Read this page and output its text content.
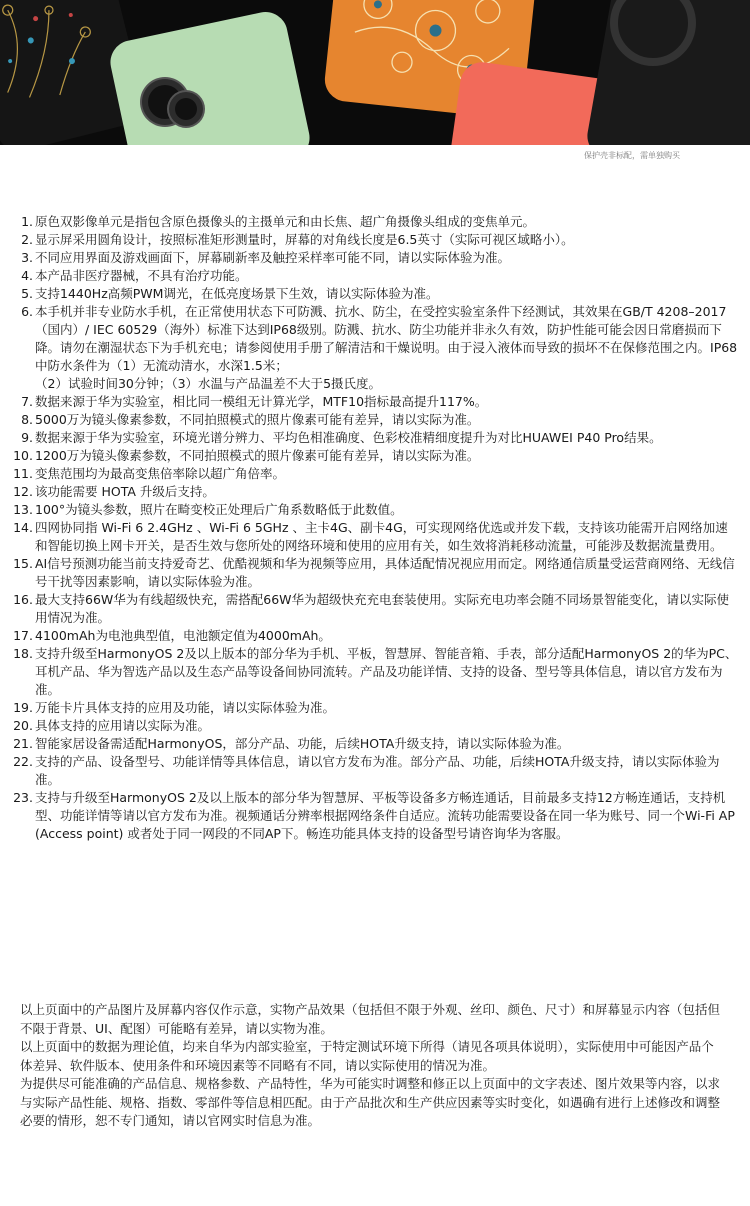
保护壳非标配，需单独购买
1. 原色双影像单元是指包含原色摄像头的主摄单元和由长焦、超广角摄像头组成的变焦单元。
2. 显示屏采用圆角设计，按照标准矩形测量时，屏幕的对角线长度是6.5英寸（实际可视区域略小）。
3. 不同应用界面及游戏画面下，屏幕刷新率及触控采样率可能不同，请以实际体验为准。
4. 本产品非医疗器械，不具有治疗功能。
5. 支持1440Hz高频PWM调光，在低亮度场景下生效，请以实际体验为准。
6. 本手机并非专业防水手机，在正常使用状态下可防溅、抗水、防尘，在受控实验室条件下经测试，其效果在GB/T 4208–2017（国内）/ IEC 60529（海外）标准下达到IP68级别。防溅、抗水、防尘功能并非永久有效，防护性能可能会因日常磨损而下降。请勿在潮湿状态下为手机充电；请参阅使用手册了解清洁和干燥说明。由于浸入液体而导致的损坏不在保修范围之内。IP68中防水条件为（1）无流动清水，水深1.5米；
（2）试验时间30分钟；（3）水温与产品温差不大于5摄氏度。
7. 数据来源于华为实验室，相比同一模组无计算光学，MTF10指标最高提升117%。
8. 5000万为镜头像素参数，不同拍照模式的照片像素可能有差异，请以实际为准。
9. 数据来源于华为实验室，环境光谱分辨力、平均色相准确度、色彩校准精细度提升为对比HUAWEI P40 Pro结果。
10. 1200万为镜头像素参数，不同拍照模式的照片像素可能有差异，请以实际为准。
11. 变焦范围均为最高变焦倍率除以超广角倍率。
12. 该功能需要 HOTA 升级后支持。
13. 100°为镜头参数，照片在畸变校正处理后广角系数略低于此数值。
14. 四网协同指 Wi-Fi 6 2.4GHz 、Wi-Fi 6 5GHz 、主卡4G、副卡4G，可实现网络优选或并发下载，支持该功能需开启网络加速和智能切换上网卡开关，是否生效与您所处的网络环境和使用的应用有关，如生效将消耗移动流量，可能涉及数据流量费用。
15. AI信号预测功能当前支持爱奇艺、优酷视频和华为视频等应用，具体适配情况视应用而定。网络通信质量受运营商网络、无线信号干扰等因素影响，请以实际体验为准。
16. 最大支持66W华为有线超级快充，需搭配66W华为超级快充充电套装使用。实际充电功率会随不同场景智能变化，请以实际使用情况为准。
17. 4100mAh为电池典型值，电池额定值为4000mAh。
18. 支持升级至HarmonyOS 2及以上版本的部分华为手机、平板，智慧屏、智能音箱、手表，部分适配HarmonyOS 2的华为PC、耳机产品、华为智选产品以及生态产品等设备间协同流转。产品及功能详情、支持的设备、型号等具体信息，请以官方发布为准。
19. 万能卡片具体支持的应用及功能，请以实际体验为准。
20. 具体支持的应用请以实际为准。
21. 智能家居设备需适配HarmonyOS，部分产品、功能，后续HOTA升级支持，请以实际体验为准。
22. 支持的产品、设备型号、功能详情等具体信息，请以官方发布为准。部分产品、功能，后续HOTA升级支持，请以实际体验为准。
23. 支持与升级至HarmonyOS 2及以上版本的部分华为智慧屏、平板等设备多方畅连通话，目前最多支持12方畅连通话，支持机型、功能详情等请以官方发布为准。视频通话分辨率根据网络条件自适应。流转功能需要设备在同一华为账号、同一个Wi-Fi AP (Access point) 或者处于同一网段的不同AP下。畅连功能具体支持的设备型号请咨询华为客服。

以上页面中的产品图片及屏幕内容仅作示意，实物产品效果（包括但不限于外观、丝印、颜色、尺寸）和屏幕显示内容（包括但不限于背景、UI、配图）可能略有差异，请以实物为准。

以上页面中的数据为理论值，均来自华为内部实验室，于特定测试环境下所得（请见各项具体说明），实际使用中可能因产品个体差异、软件版本、使用条件和环境因素等不同略有不同，请以实际使用的情况为准。

为提供尽可能准确的产品信息、规格参数、产品特性，华为可能实时调整和修正以上页面中的文字表述、图片效果等内容，以求与实际产品性能、规格、指数、零部件等信息相匹配。由于产品批次和生产供应因素等实时变化，如遇确有进行上述修改和调整必要的情形，恕不专门通知，请以官网实时信息为准。
